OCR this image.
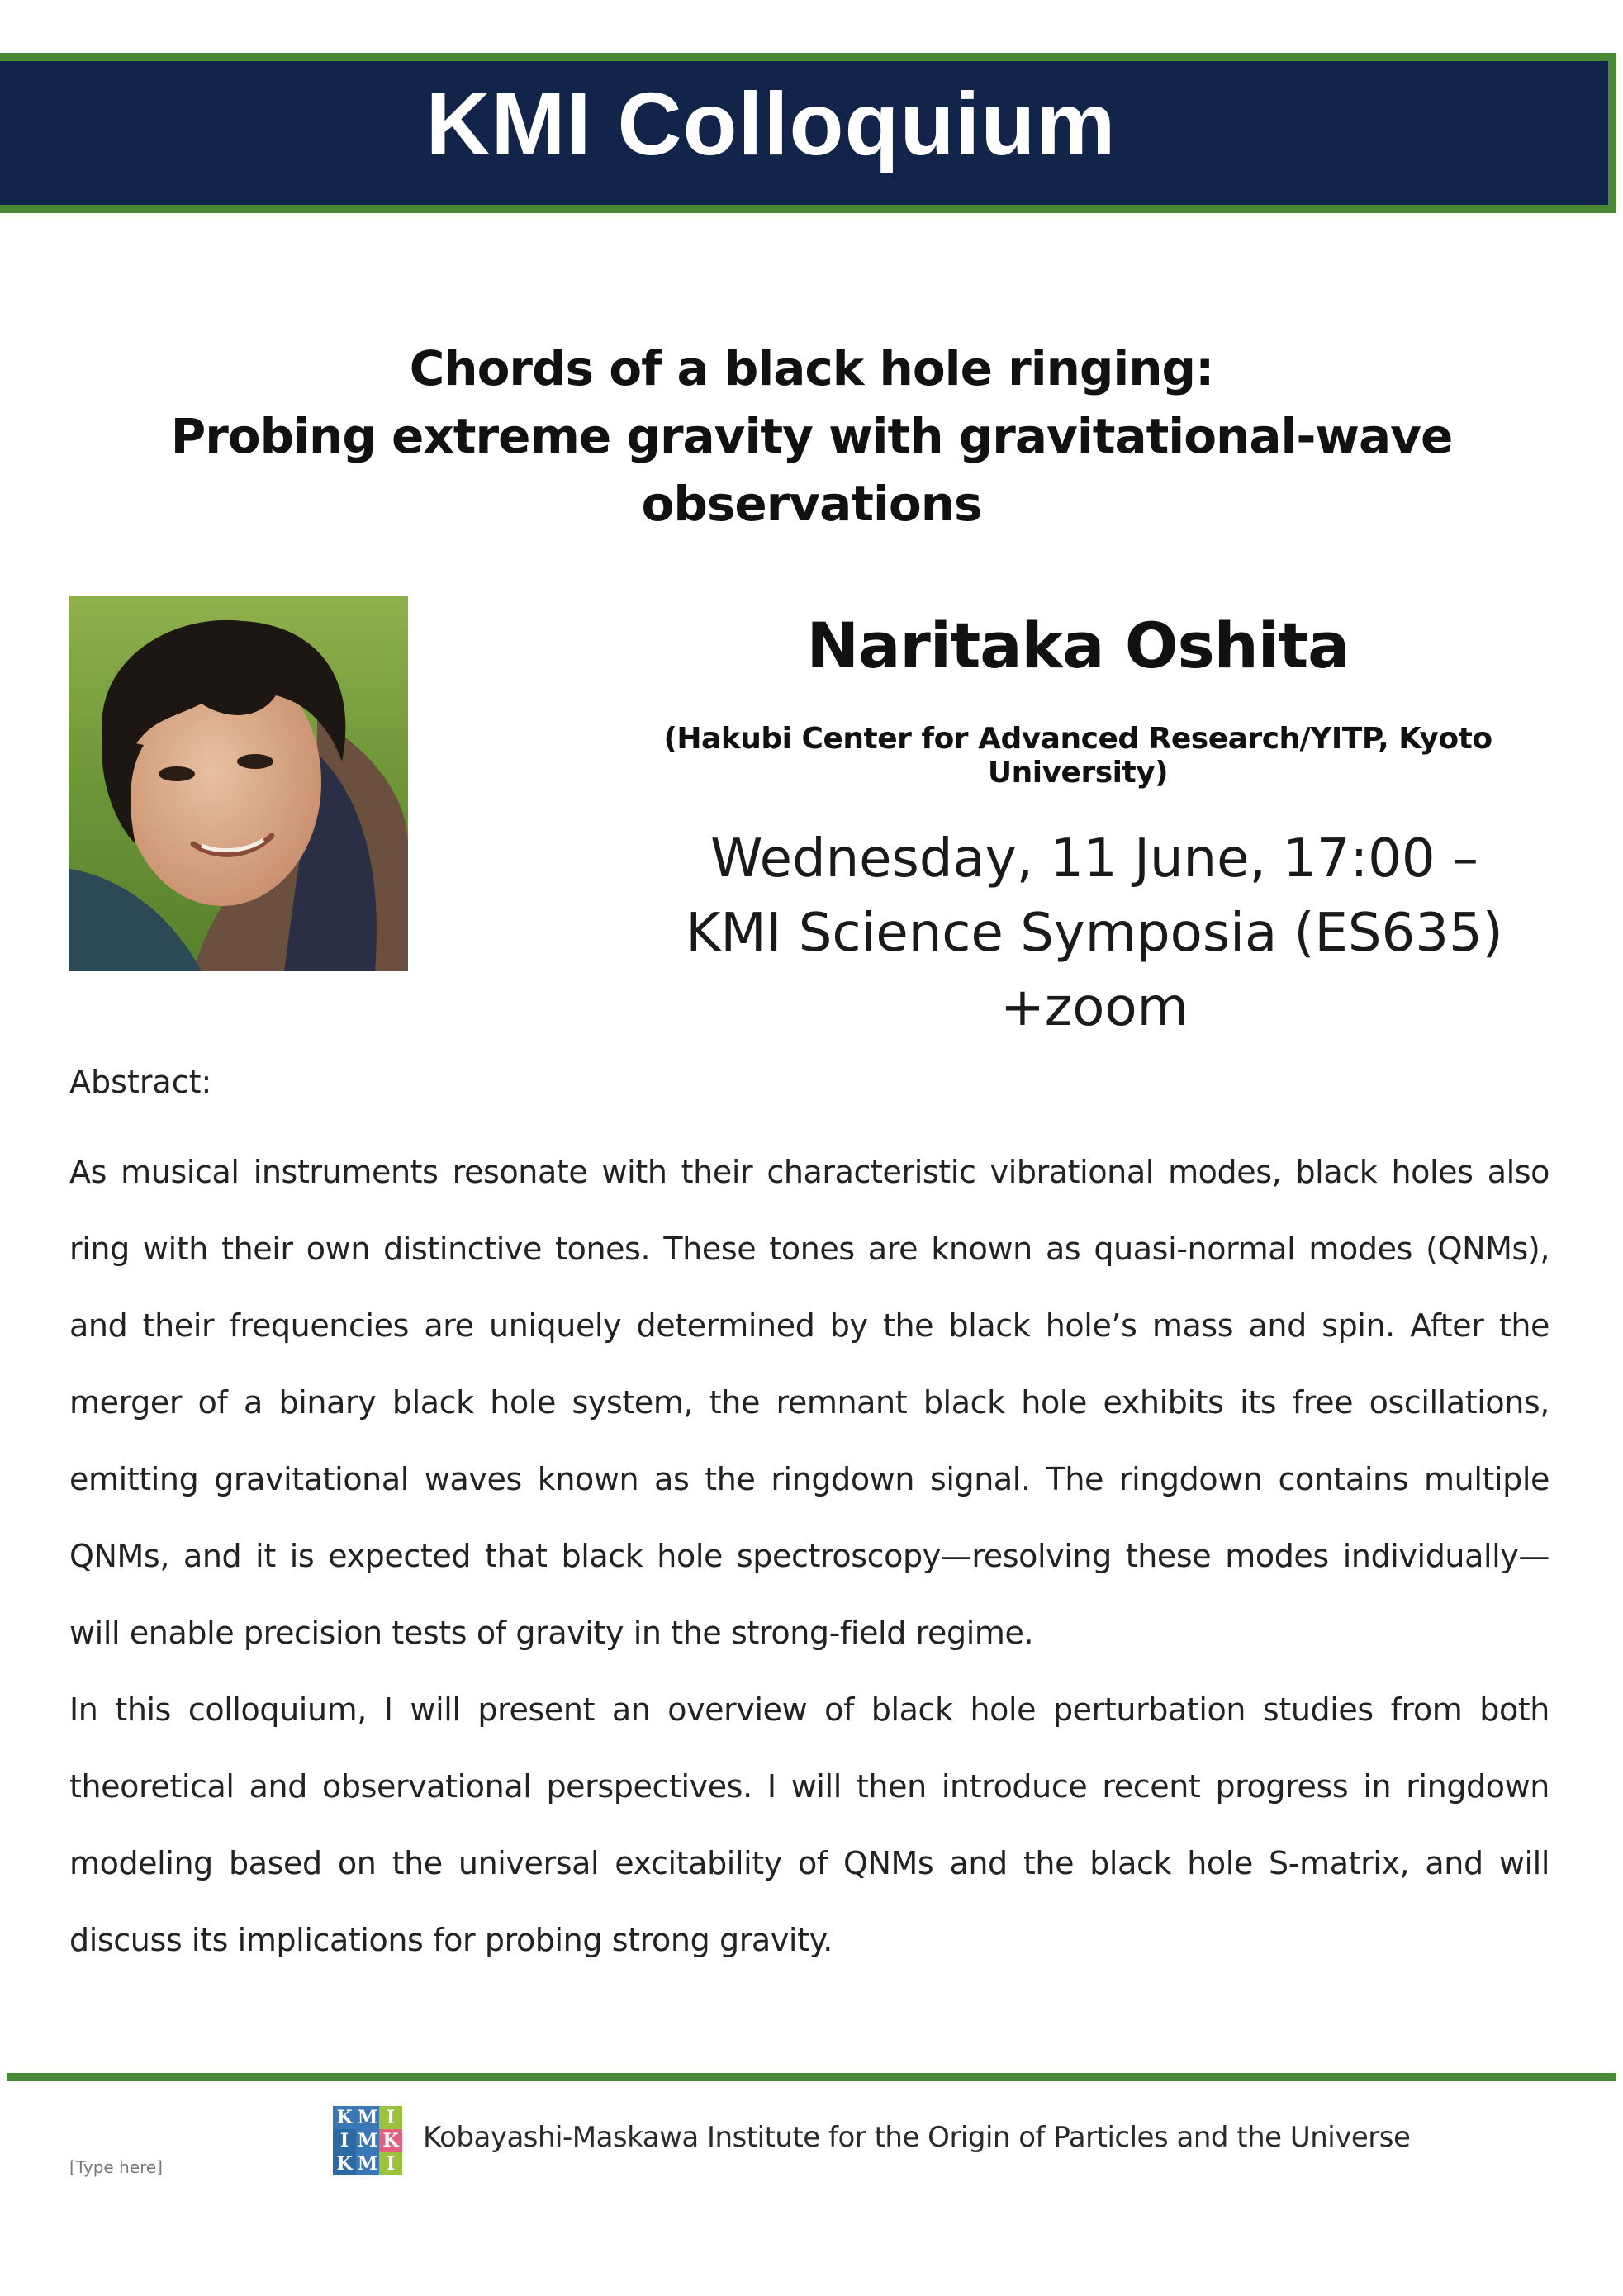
KMI Colloquium
Chords of a black hole ringing:
Probing extreme gravity with gravitational-wave observations
Naritaka Oshita
(Hakubi Center for Advanced Research/YITP, Kyoto University)
Wednesday, 11 June, 17:00 –
KMI Science Symposia (ES635)
+zoom
Abstract:

As musical instruments resonate with their characteristic vibrational modes, black holes also ring with their own distinctive tones. These tones are known as quasi-normal modes (QNMs), and their frequencies are uniquely determined by the black hole’s mass and spin. After the merger of a binary black hole system, the remnant black hole exhibits its free oscillations, emitting gravitational waves known as the ringdown signal. The ringdown contains multiple QNMs, and it is expected that black hole spectroscopy—resolving these modes individually—will enable precision tests of gravity in the strong-field regime.

In this colloquium, I will present an overview of black hole perturbation studies from both theoretical and observational perspectives. I will then introduce recent progress in ringdown modeling based on the universal excitability of QNMs and the black hole S-matrix, and will discuss its implications for probing strong gravity.

[Type here]
K M I
I M K
K M I
Kobayashi-Maskawa Institute for the Origin of Particles and the Universe
